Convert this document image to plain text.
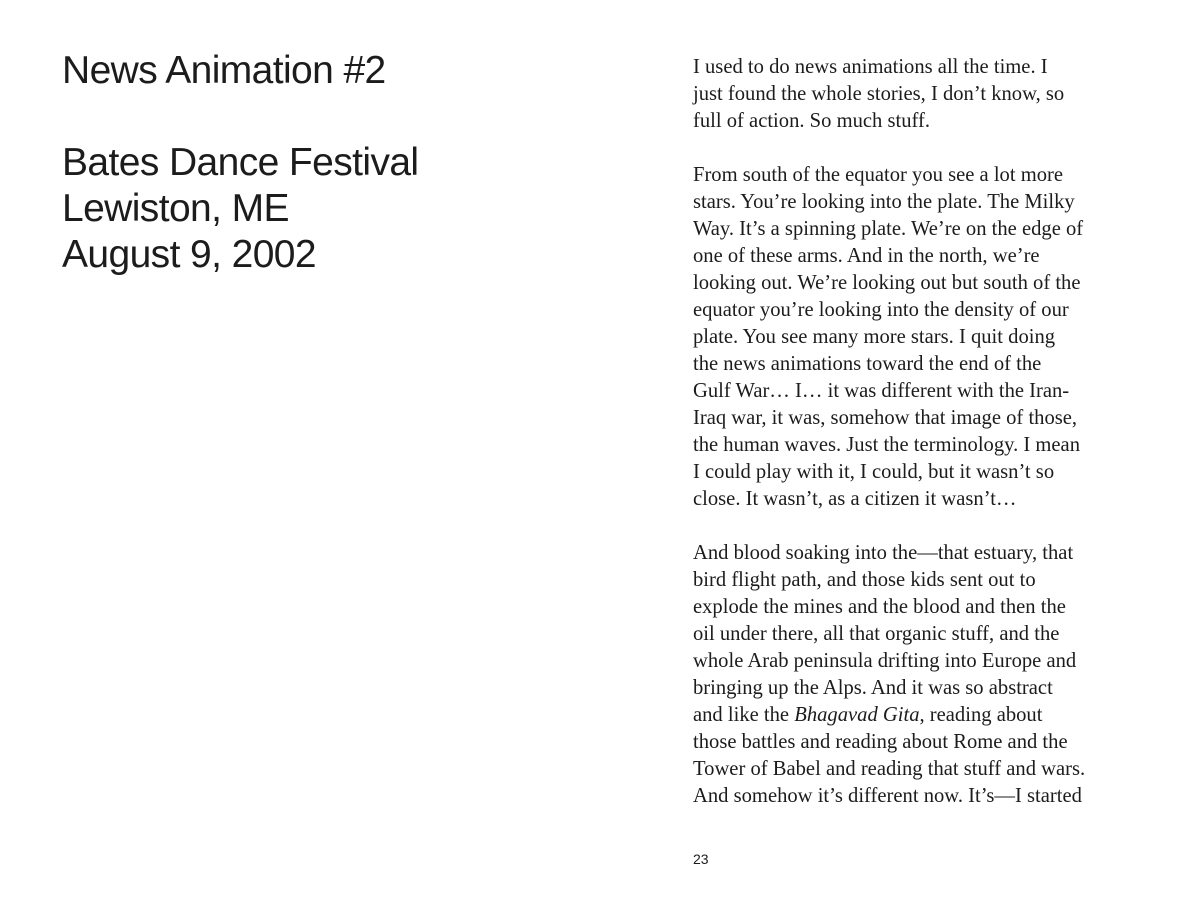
News Animation #2
Bates Dance Festival
Lewiston, ME
August 9, 2002

I used to do news animations all the time. I
just found the whole stories, I don’t know, so
full of action. So much stuff.

From south of the equator you see a lot more
stars. You’re looking into the plate. The Milky
Way. It’s a spinning plate. We’re on the edge of
one of these arms. And in the north, we’re
looking out. We’re looking out but south of the
equator you’re looking into the density of our
plate. You see many more stars. I quit doing
the news animations toward the end of the
Gulf War… I… it was different with the Iran-
Iraq war, it was, somehow that image of those,
the human waves. Just the terminology. I mean
I could play with it, I could, but it wasn’t so
close. It wasn’t, as a citizen it wasn’t…

And blood soaking into the—that estuary, that
bird flight path, and those kids sent out to
explode the mines and the blood and then the
oil under there, all that organic stuff, and the
whole Arab peninsula drifting into Europe and
bringing up the Alps. And it was so abstract
and like the Bhagavad Gita, reading about
those battles and reading about Rome and the
Tower of Babel and reading that stuff and wars.
And somehow it’s different now. It’s—I started

23
